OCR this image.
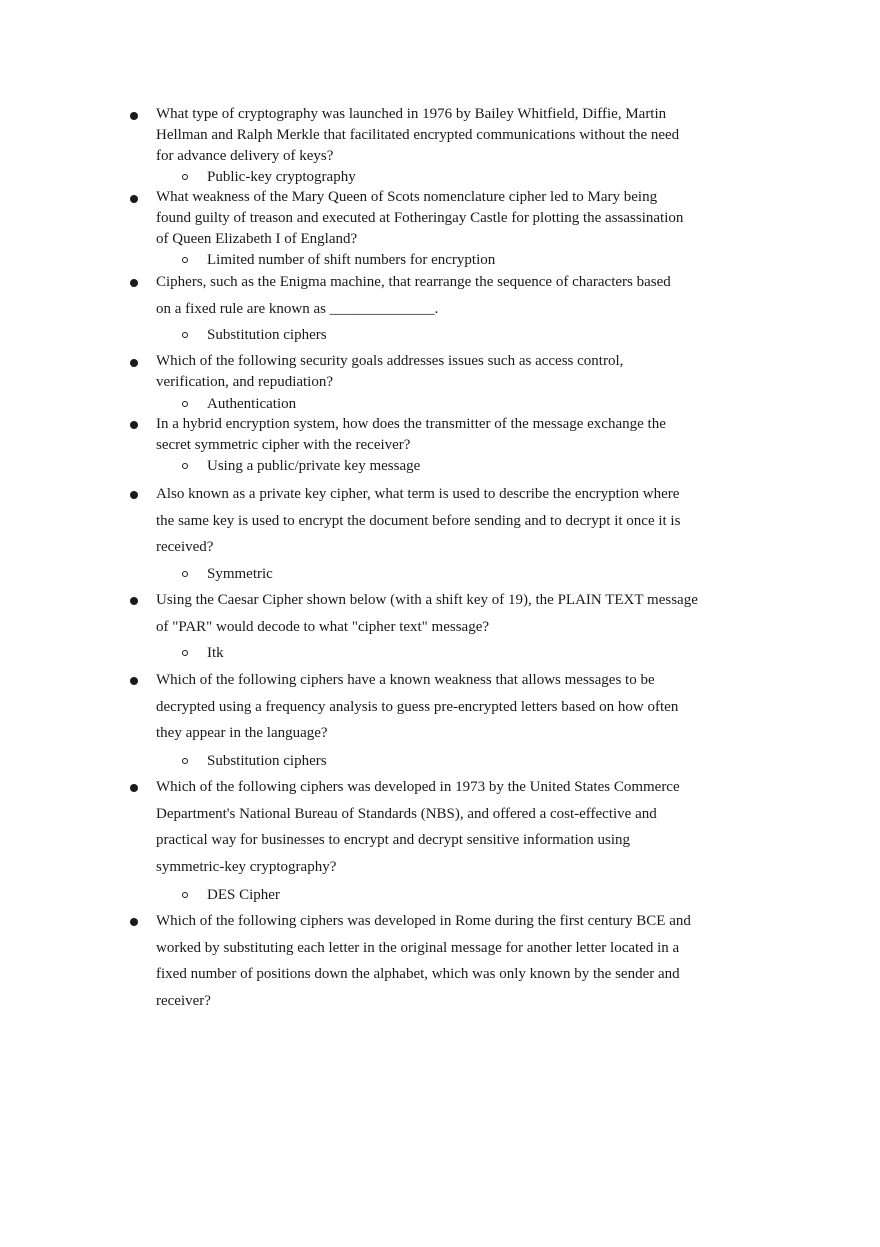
What type of cryptography was launched in 1976 by Bailey Whitfield, Diffie, Martin
Hellman and Ralph Merkle that facilitated encrypted communications without the need
for advance delivery of keys?
Public-key cryptography
What weakness of the Mary Queen of Scots nomenclature cipher led to Mary being
found guilty of treason and executed at Fotheringay Castle for plotting the assassination
of Queen Elizabeth I of England?
Limited number of shift numbers for encryption
Ciphers, such as the Enigma machine, that rearrange the sequence of characters based
on a fixed rule are known as ______________.
Substitution ciphers
Which of the following security goals addresses issues such as access control,
verification, and repudiation?
Authentication
In a hybrid encryption system, how does the transmitter of the message exchange the
secret symmetric cipher with the receiver?
Using a public/private key message
Also known as a private key cipher, what term is used to describe the encryption where
the same key is used to encrypt the document before sending and to decrypt it once it is
received?
Symmetric
Using the Caesar Cipher shown below (with a shift key of 19), the PLAIN TEXT message
of "PAR" would decode to what "cipher text" message?
Itk
Which of the following ciphers have a known weakness that allows messages to be
decrypted using a frequency analysis to guess pre-encrypted letters based on how often
they appear in the language?
Substitution ciphers
Which of the following ciphers was developed in 1973 by the United States Commerce
Department's National Bureau of Standards (NBS), and offered a cost-effective and
practical way for businesses to encrypt and decrypt sensitive information using
symmetric-key cryptography?
DES Cipher
Which of the following ciphers was developed in Rome during the first century BCE and
worked by substituting each letter in the original message for another letter located in a
fixed number of positions down the alphabet, which was only known by the sender and
receiver?
